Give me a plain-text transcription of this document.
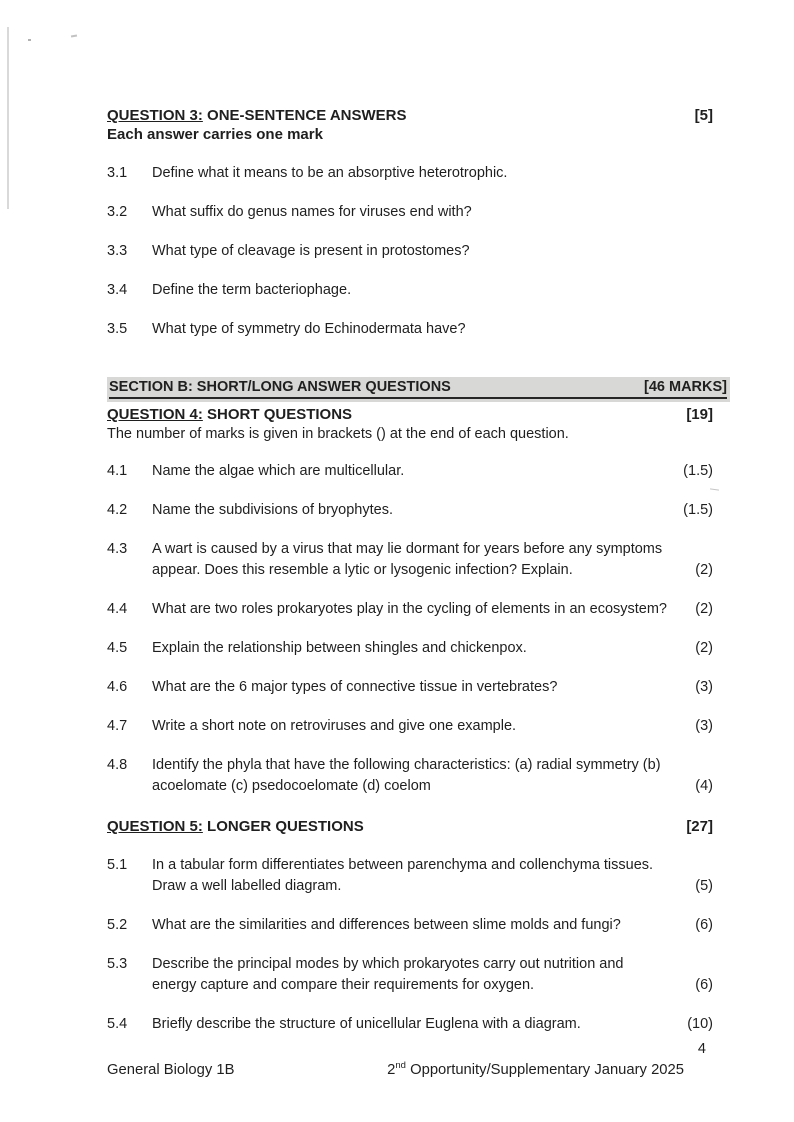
QUESTION 3: ONE-SENTENCE ANSWERS	[5]
Each answer carries one mark
3.1	Define what it means to be an absorptive heterotrophic.
3.2	What suffix do genus names for viruses end with?
3.3	What type of cleavage is present in protostomes?
3.4	Define the term bacteriophage.
3.5	What type of symmetry do Echinodermata have?
SECTION B: SHORT/LONG ANSWER QUESTIONS	[46 MARKS]
QUESTION 4: SHORT QUESTIONS	[19]
The number of marks is given in brackets () at the end of each question.
4.1	Name the algae which are multicellular.	(1.5)
4.2	Name the subdivisions of bryophytes.	(1.5)
4.3	A wart is caused by a virus that may lie dormant for years before any symptoms appear. Does this resemble a lytic or lysogenic infection? Explain.	(2)
4.4	What are two roles prokaryotes play in the cycling of elements in an ecosystem?	(2)
4.5	Explain the relationship between shingles and chickenpox.	(2)
4.6	What are the 6 major types of connective tissue in vertebrates?	(3)
4.7	Write a short note on retroviruses and give one example.	(3)
4.8	Identify the phyla that have the following characteristics: (a) radial symmetry (b) acoelomate (c) psedocoelomate (d) coelom	(4)
QUESTION 5: LONGER QUESTIONS	[27]
5.1	In a tabular form differentiates between parenchyma and collenchyma tissues. Draw a well labelled diagram.	(5)
5.2	What are the similarities and differences between slime molds and fungi?	(6)
5.3	Describe the principal modes by which prokaryotes carry out nutrition and energy capture and compare their requirements for oxygen.	(6)
5.4	Briefly describe the structure of unicellular Euglena with a diagram.	(10)
4
General Biology 1B	2nd Opportunity/Supplementary January 2025
